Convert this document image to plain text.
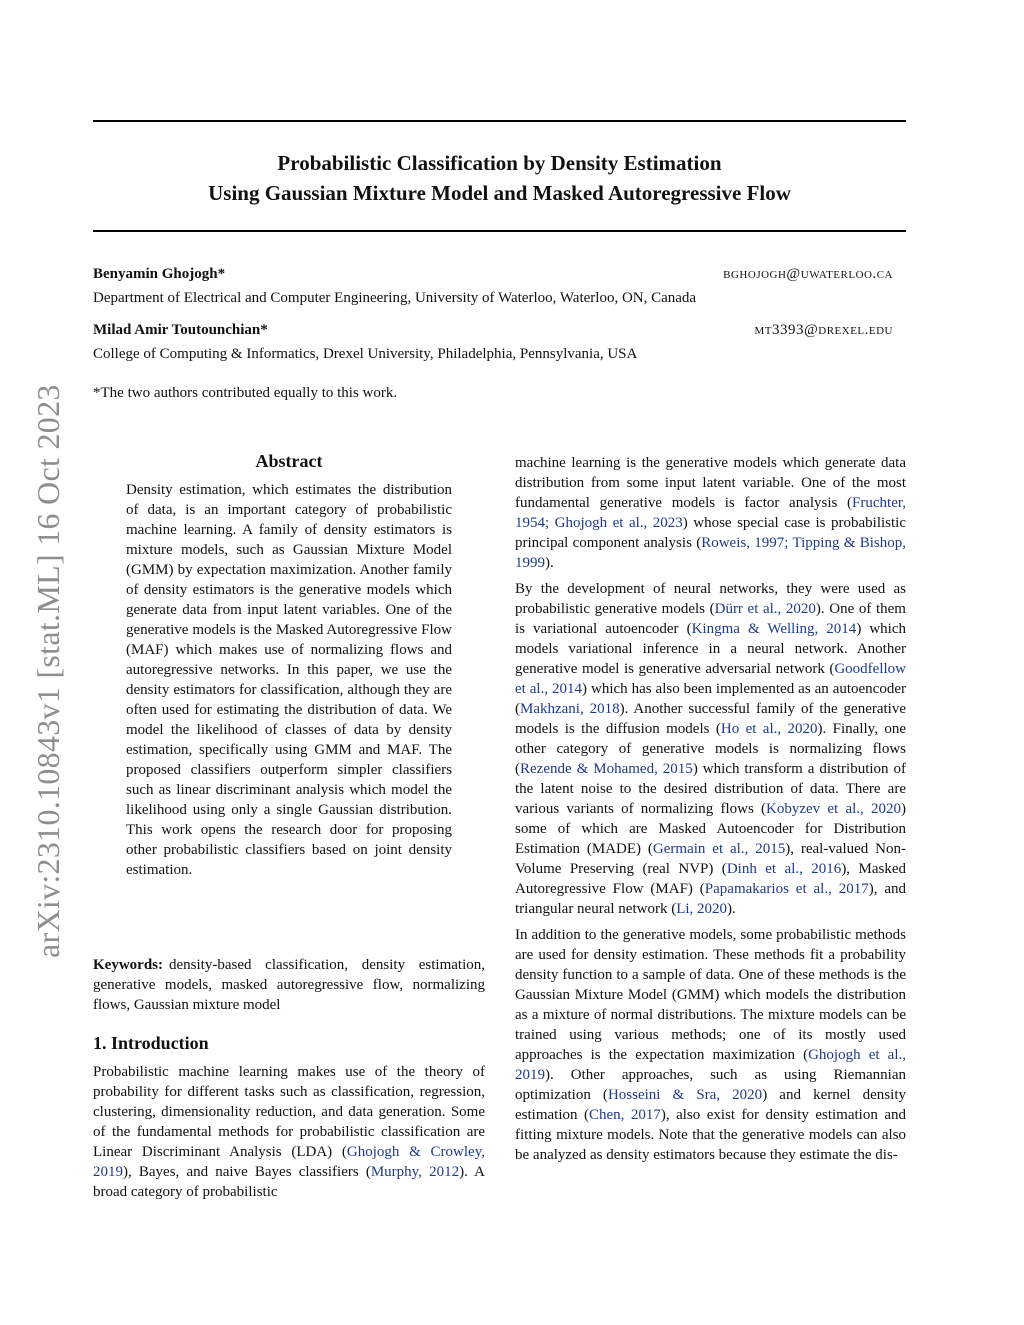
Probabilistic Classification by Density Estimation
Using Gaussian Mixture Model and Masked Autoregressive Flow
Benyamin Ghojogh*	bghojogh@uwaterloo.ca
Department of Electrical and Computer Engineering, University of Waterloo, Waterloo, ON, Canada
Milad Amir Toutounchian*	mt3393@drexel.edu
College of Computing & Informatics, Drexel University, Philadelphia, Pennsylvania, USA
*The two authors contributed equally to this work.
arXiv:2310.10843v1 [stat.ML] 16 Oct 2023	Abstract

Density estimation, which estimates the distribution of data, is an important category of probabilistic machine learning. A family of density estimators is mixture models, such as Gaussian Mixture Model (GMM) by expectation maximization. Another family of density estimators is the generative models which generate data from input latent variables. One of the generative models is the Masked Autoregressive Flow (MAF) which makes use of normalizing flows and autoregressive networks. In this paper, we use the density estimators for classification, although they are often used for estimating the distribution of data. We model the likelihood of classes of data by density estimation, specifically using GMM and MAF. The proposed classifiers outperform simpler classifiers such as linear discriminant analysis which model the likelihood using only a single Gaussian distribution. This work opens the research door for proposing other probabilistic classifiers based on joint density estimation.

Keywords: density-based classification, density estimation, generative models, masked autoregressive flow, normalizing flows, Gaussian mixture model

1. Introduction

Probabilistic machine learning makes use of the theory of probability for different tasks such as classification, regression, clustering, dimensionality reduction, and data generation. Some of the fundamental methods for probabilistic classification are Linear Discriminant Analysis (LDA) (Ghojogh & Crowley, 2019), Bayes, and naive Bayes classifiers (Murphy, 2012). A broad category of probabilistic

machine learning is the generative models which generate data distribution from some input latent variable. One of the most fundamental generative models is factor analysis (Fruchter, 1954; Ghojogh et al., 2023) whose special case is probabilistic principal component analysis (Roweis, 1997; Tipping & Bishop, 1999).

By the development of neural networks, they were used as probabilistic generative models (Dürr et al., 2020). One of them is variational autoencoder (Kingma & Welling, 2014) which models variational inference in a neural network. Another generative model is generative adversarial network (Goodfellow et al., 2014) which has also been implemented as an autoencoder (Makhzani, 2018). Another successful family of the generative models is the diffusion models (Ho et al., 2020). Finally, one other category of generative models is normalizing flows (Rezende & Mohamed, 2015) which transform a distribution of the latent noise to the desired distribution of data. There are various variants of normalizing flows (Kobyzev et al., 2020) some of which are Masked Autoencoder for Distribution Estimation (MADE) (Germain et al., 2015), real-valued Non-Volume Preserving (real NVP) (Dinh et al., 2016), Masked Autoregressive Flow (MAF) (Papamakarios et al., 2017), and triangular neural network (Li, 2020).

In addition to the generative models, some probabilistic methods are used for density estimation. These methods fit a probability density function to a sample of data. One of these methods is the Gaussian Mixture Model (GMM) which models the distribution as a mixture of normal distributions. The mixture models can be trained using various methods; one of its mostly used approaches is the expectation maximization (Ghojogh et al., 2019). Other approaches, such as using Riemannian optimization (Hosseini & Sra, 2020) and kernel density estimation (Chen, 2017), also exist for density estimation and fitting mixture models. Note that the generative models can also be analyzed as density estimators because they estimate the dis-
